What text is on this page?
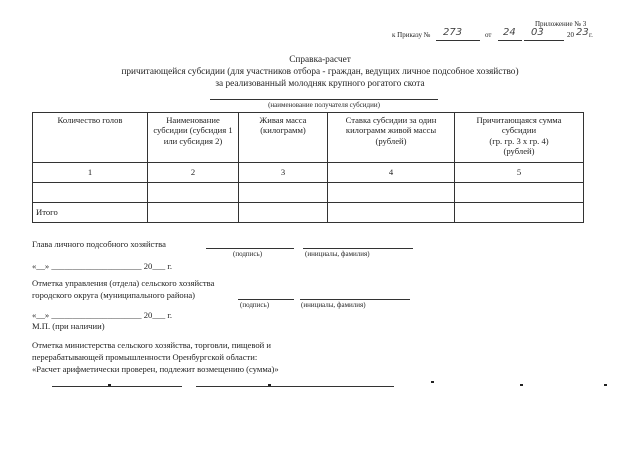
Приложение № 3
к Приказу № 273	от 24 03	20 23 г.
Справка-расчет
причитающейся субсидии (для участников отбора - граждан, ведущих личное подсобное хозяйство)
за реализованный молодняк крупного рогатого скота
(наименование получателя субсидии)
Количество голов	Наименование
субсидии (субсидия 1
или субсидия 2)	Живая масса
(килограмм)	Ставка субсидии за один
килограмм живой массы
(рублей)	Причитающаяся сумма
субсидии
(гр. гр. 3 х гр. 4)
(рублей)
1	2	3	4	5

Итого				
Глава личного подсобного хозяйства
(подпись)	(инициалы, фамилия)
«__» _____________________ 20___ г.
Отметка управления (отдела) сельского хозяйства
городского округа (муниципального района)
(подпись)	(инициалы, фамилия)
«__» _____________________ 20___ г.
М.П. (при наличии)
Отметка министерства сельского хозяйства, торговли, пищевой и
перерабатывающей промышленности Оренбургской области:
«Расчет арифметически проверен, подлежит возмещению (сумма)»
